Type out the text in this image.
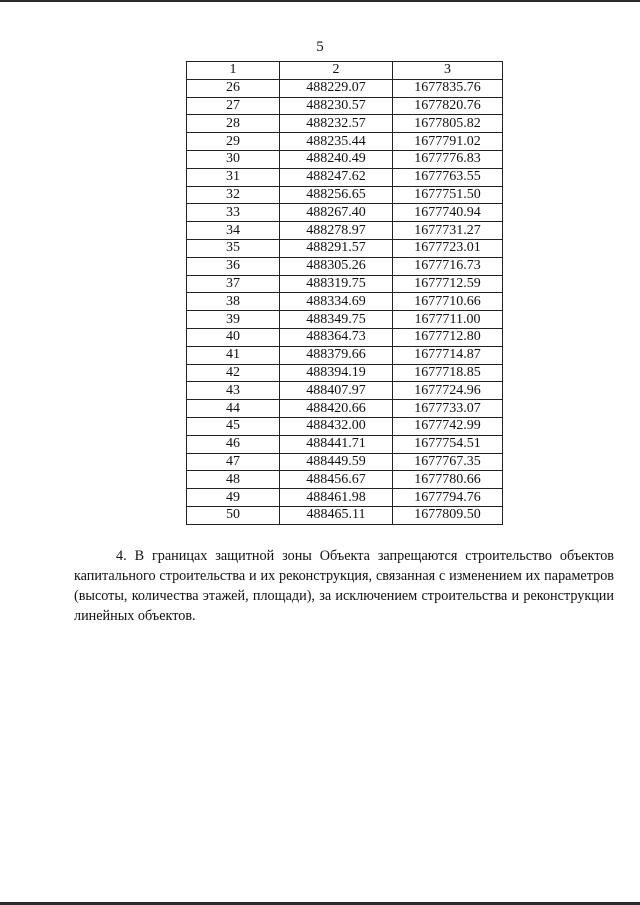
5
1	2	3
26	488229.07	1677835.76
27	488230.57	1677820.76
28	488232.57	1677805.82
29	488235.44	1677791.02
30	488240.49	1677776.83
31	488247.62	1677763.55
32	488256.65	1677751.50
33	488267.40	1677740.94
34	488278.97	1677731.27
35	488291.57	1677723.01
36	488305.26	1677716.73
37	488319.75	1677712.59
38	488334.69	1677710.66
39	488349.75	1677711.00
40	488364.73	1677712.80
41	488379.66	1677714.87
42	488394.19	1677718.85
43	488407.97	1677724.96
44	488420.66	1677733.07
45	488432.00	1677742.99
46	488441.71	1677754.51
47	488449.59	1677767.35
48	488456.67	1677780.66
49	488461.98	1677794.76
50	488465.11	1677809.50

4. В границах защитной зоны Объекта запрещаются строительство объектов капитального строительства и их реконструкция, связанная с изменением их параметров (высоты, количества этажей, площади), за исключением строительства и реконструкции линейных объектов.
